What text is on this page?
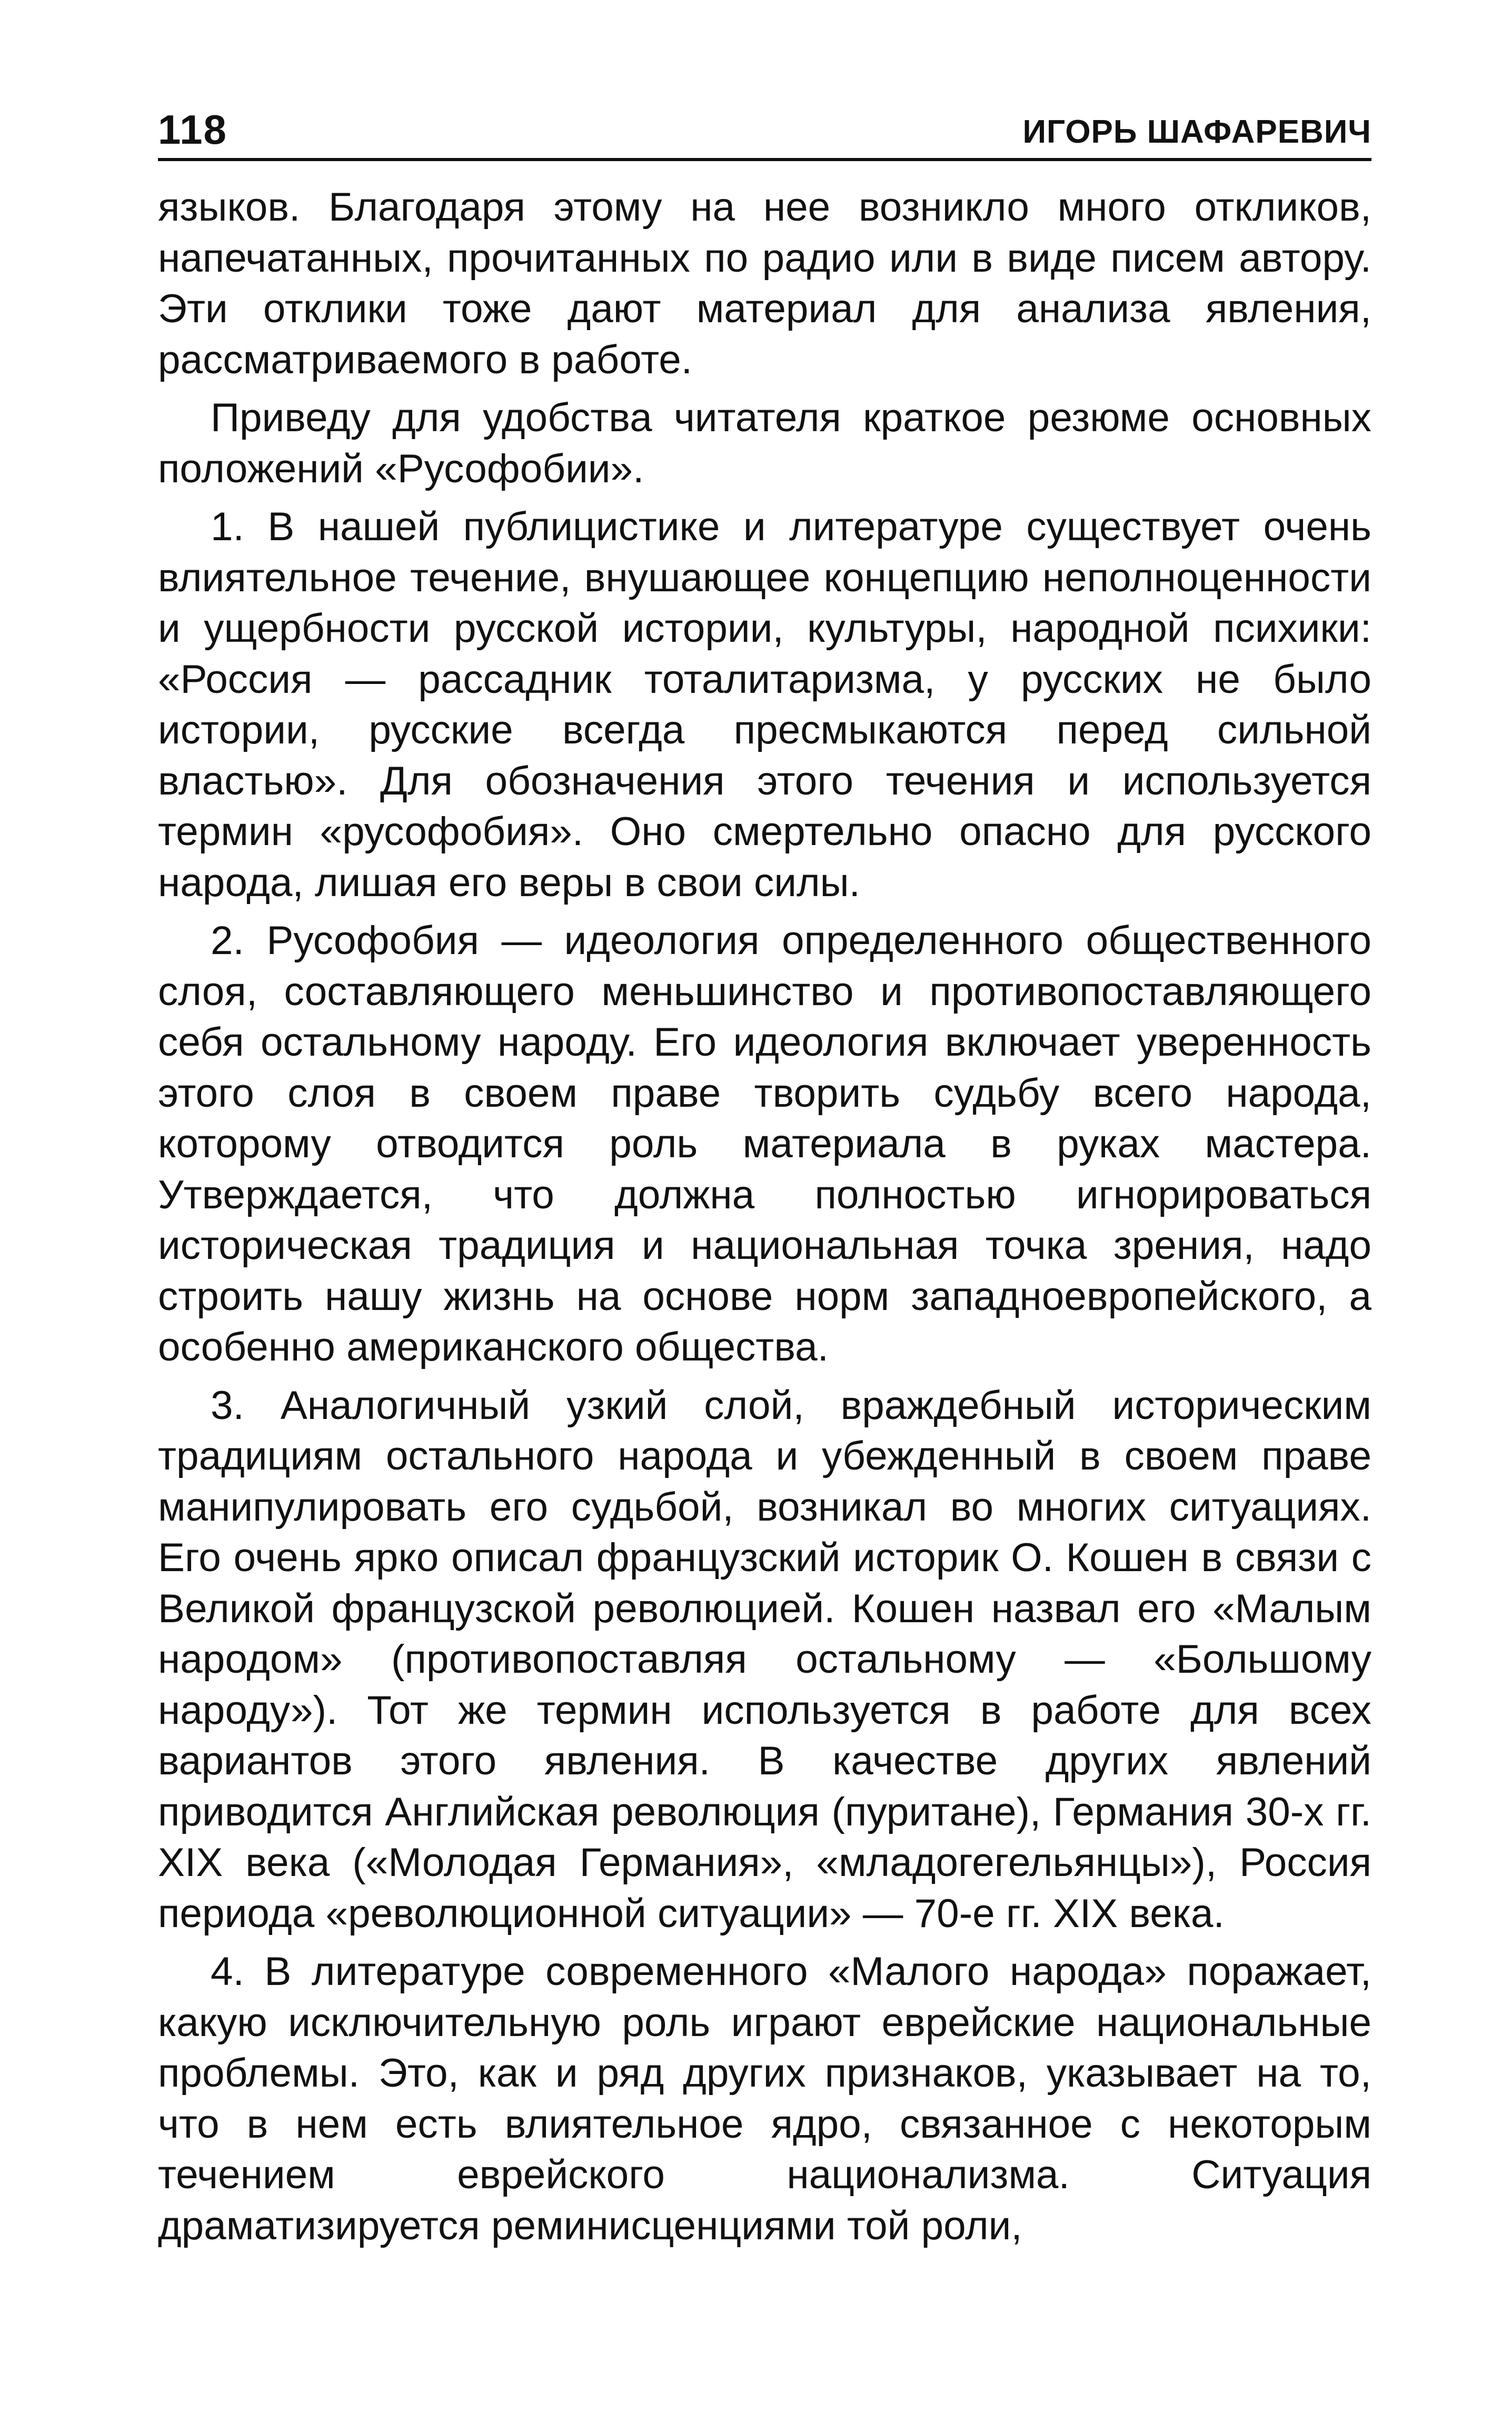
118	ИГОРЬ ШАФАРЕВИЧ

языков. Благодаря этому на нее возникло много откликов, напечатанных, прочитанных по радио или в виде писем автору. Эти отклики тоже дают материал для анализа явления, рассматриваемого в работе.

Приведу для удобства читателя краткое резюме основных положений «Русофобии».

1. В нашей публицистике и литературе существует очень влиятельное течение, внушающее концепцию неполноценности и ущербности русской истории, культуры, народной психики: «Россия — рассадник тоталитаризма, у русских не было истории, русские всегда пресмыкаются перед сильной властью». Для обозначения этого течения и используется термин «русофобия». Оно смертельно опасно для русского народа, лишая его веры в свои силы.

2. Русофобия — идеология определенного общественного слоя, составляющего меньшинство и противопоставляющего себя остальному народу. Его идеология включает уверенность этого слоя в своем праве творить судьбу всего народа, которому отводится роль материала в руках мастера. Утверждается, что должна полностью игнорироваться историческая традиция и национальная точка зрения, надо строить нашу жизнь на основе норм западноевропейского, а особенно американского общества.

3. Аналогичный узкий слой, враждебный историческим традициям остального народа и убежденный в своем праве манипулировать его судьбой, возникал во многих ситуациях. Его очень ярко описал французский историк О. Кошен в связи с Великой французской революцией. Кошен назвал его «Малым народом» (противопоставляя остальному — «Большому народу»). Тот же термин используется в работе для всех вариантов этого явления. В качестве других явлений приводится Английская революция (пуритане), Германия 30-х гг. XIX века («Молодая Германия», «младогегельянцы»), Россия периода «революционной ситуации» — 70-е гг. XIX века.

4. В литературе современного «Малого народа» поражает, какую исключительную роль играют еврейские национальные проблемы. Это, как и ряд других признаков, указывает на то, что в нем есть влиятельное ядро, связанное с некоторым течением еврейского национализма. Ситуация драматизируется реминисценциями той роли,
